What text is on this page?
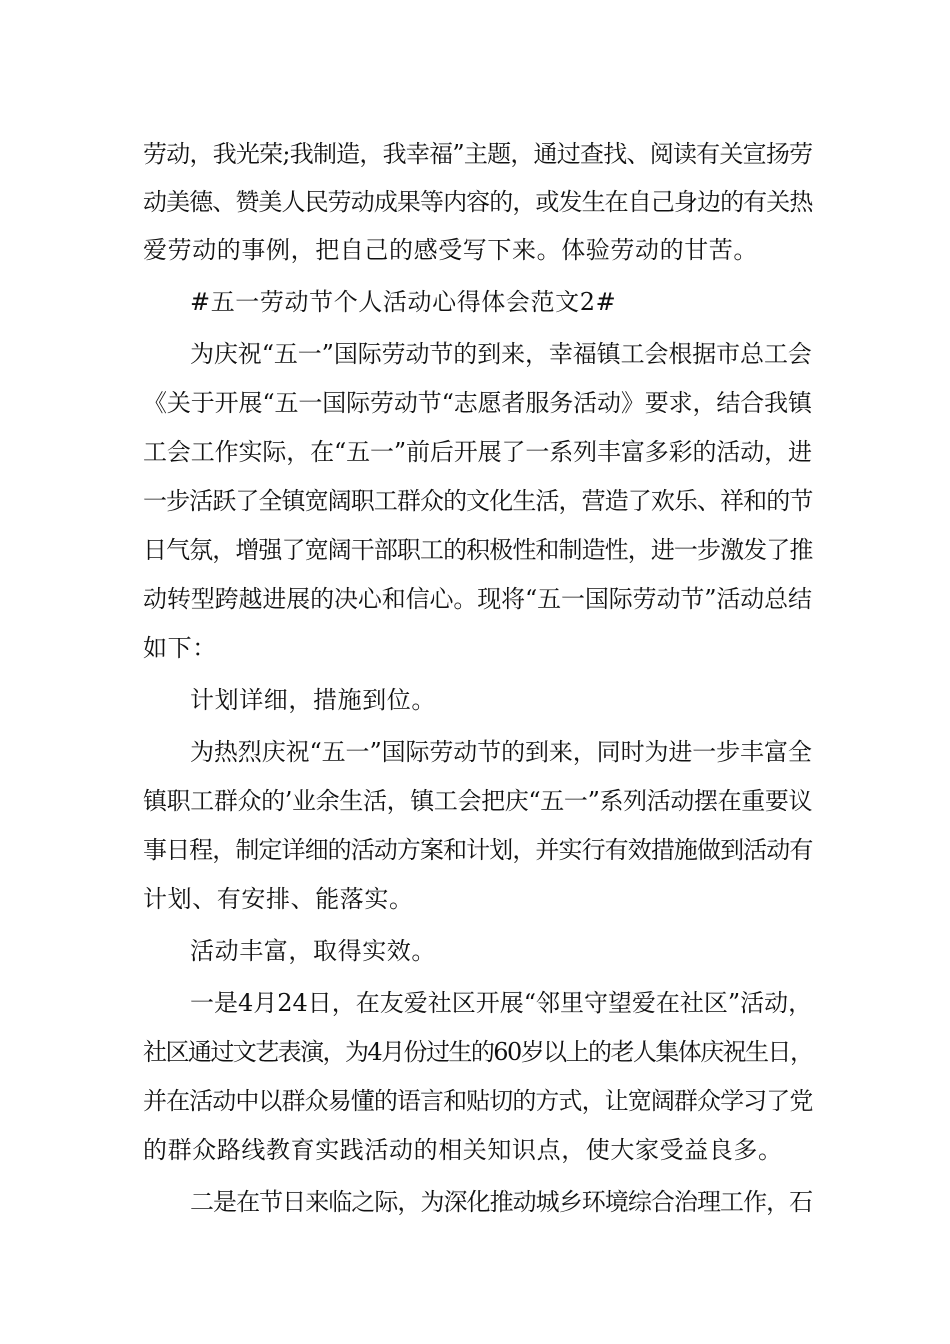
劳动，我光荣;我制造，我幸福”主题，通过查找、阅读有关宣扬劳
动美德、赞美人民劳动成果等内容的，或发生在自己身边的有关热
爱劳动的事例，把自己的感受写下来。体验劳动的甘苦。
#五一劳动节个人活动心得体会范文2#
为庆祝“五一”国际劳动节的到来，幸福镇工会根据市总工会
《关于开展“五一国际劳动节“志愿者服务活动》要求，结合我镇
工会工作实际，在“五一”前后开展了一系列丰富多彩的活动，进
一步活跃了全镇宽阔职工群众的文化生活，营造了欢乐、祥和的节
日气氛，增强了宽阔干部职工的积极性和制造性，进一步激发了推
动转型跨越进展的决心和信心。现将“五一国际劳动节”活动总结
如下：
计划详细，措施到位。
为热烈庆祝“五一”国际劳动节的到来，同时为进一步丰富全
镇职工群众的’业余生活，镇工会把庆“五一”系列活动摆在重要议
事日程，制定详细的活动方案和计划，并实行有效措施做到活动有
计划、有安排、能落实。
活动丰富，取得实效。
一是4月24日，在友爱社区开展“邻里守望爱在社区”活动，
社区通过文艺表演，为4月份过生的60岁以上的老人集体庆祝生日，
并在活动中以群众易懂的语言和贴切的方式，让宽阔群众学习了党
的群众路线教育实践活动的相关知识点，使大家受益良多。
二是在节日来临之际，为深化推动城乡环境综合治理工作，石
